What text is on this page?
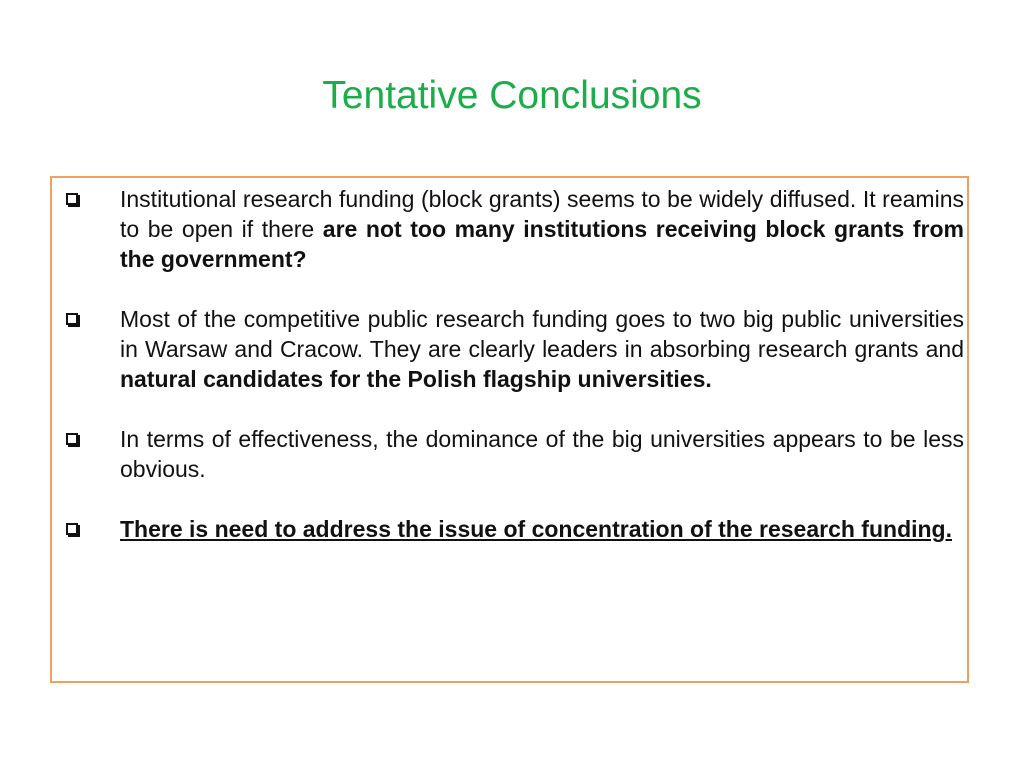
Tentative Conclusions

Institutional research funding (block grants) seems to be widely diffused. It reamins to be open if there are not too many institutions receiving block grants from the government?

Most of the competitive public research funding goes to two big public universities in Warsaw and Cracow. They are clearly leaders in absorbing research grants and natural candidates for the Polish flagship universities.

In terms of effectiveness, the dominance of the big universities appears to be less obvious.

There is need to address the issue of concentration of the research funding.
